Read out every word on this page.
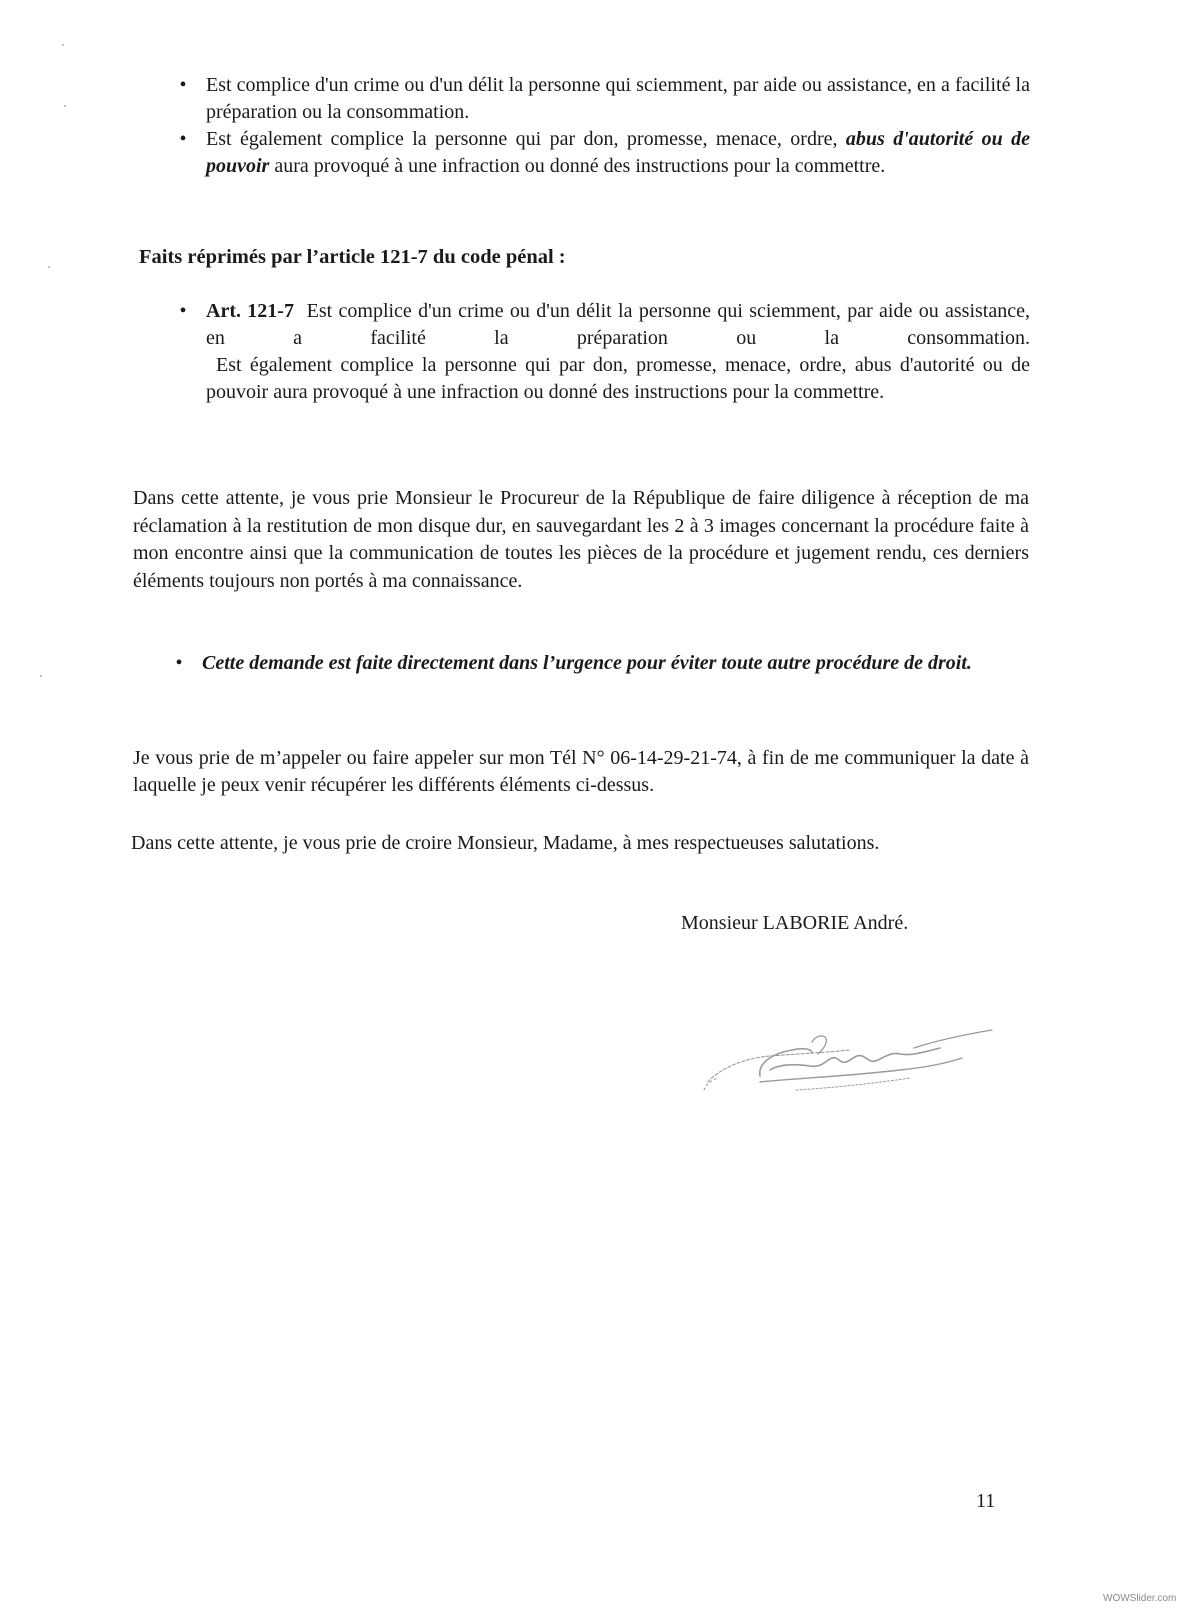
• Est complice d'un crime ou d'un délit la personne qui sciemment, par aide ou assistance, en a facilité la préparation ou la consommation.
• Est également complice la personne qui par don, promesse, menace, ordre, abus d'autorité ou de pouvoir aura provoqué à une infraction ou donné des instructions pour la commettre.
Faits réprimés par l’article 121-7 du code pénal :
• Art. 121-7 Est complice d'un crime ou d'un délit la personne qui sciemment, par aide ou assistance, en a facilité la préparation ou la consommation.
Est également complice la personne qui par don, promesse, menace, ordre, abus d'autorité ou de pouvoir aura provoqué à une infraction ou donné des instructions pour la commettre.
Dans cette attente, je vous prie Monsieur le Procureur de la République de faire diligence à réception de ma réclamation à la restitution de mon disque dur, en sauvegardant les 2 à 3 images concernant la procédure faite à mon encontre ainsi que la communication de toutes les pièces de la procédure et jugement rendu, ces derniers éléments toujours non portés à ma connaissance.
• Cette demande est faite directement dans l’urgence pour éviter toute autre procédure de droit.
Je vous prie de m’appeler ou faire appeler sur mon Tél N° 06-14-29-21-74, à fin de me communiquer la date à laquelle je peux venir récupérer les différents éléments ci-dessus.
Dans cette attente, je vous prie de croire Monsieur, Madame, à mes respectueuses salutations.
Monsieur LABORIE André.
11
WOWSlider.com
